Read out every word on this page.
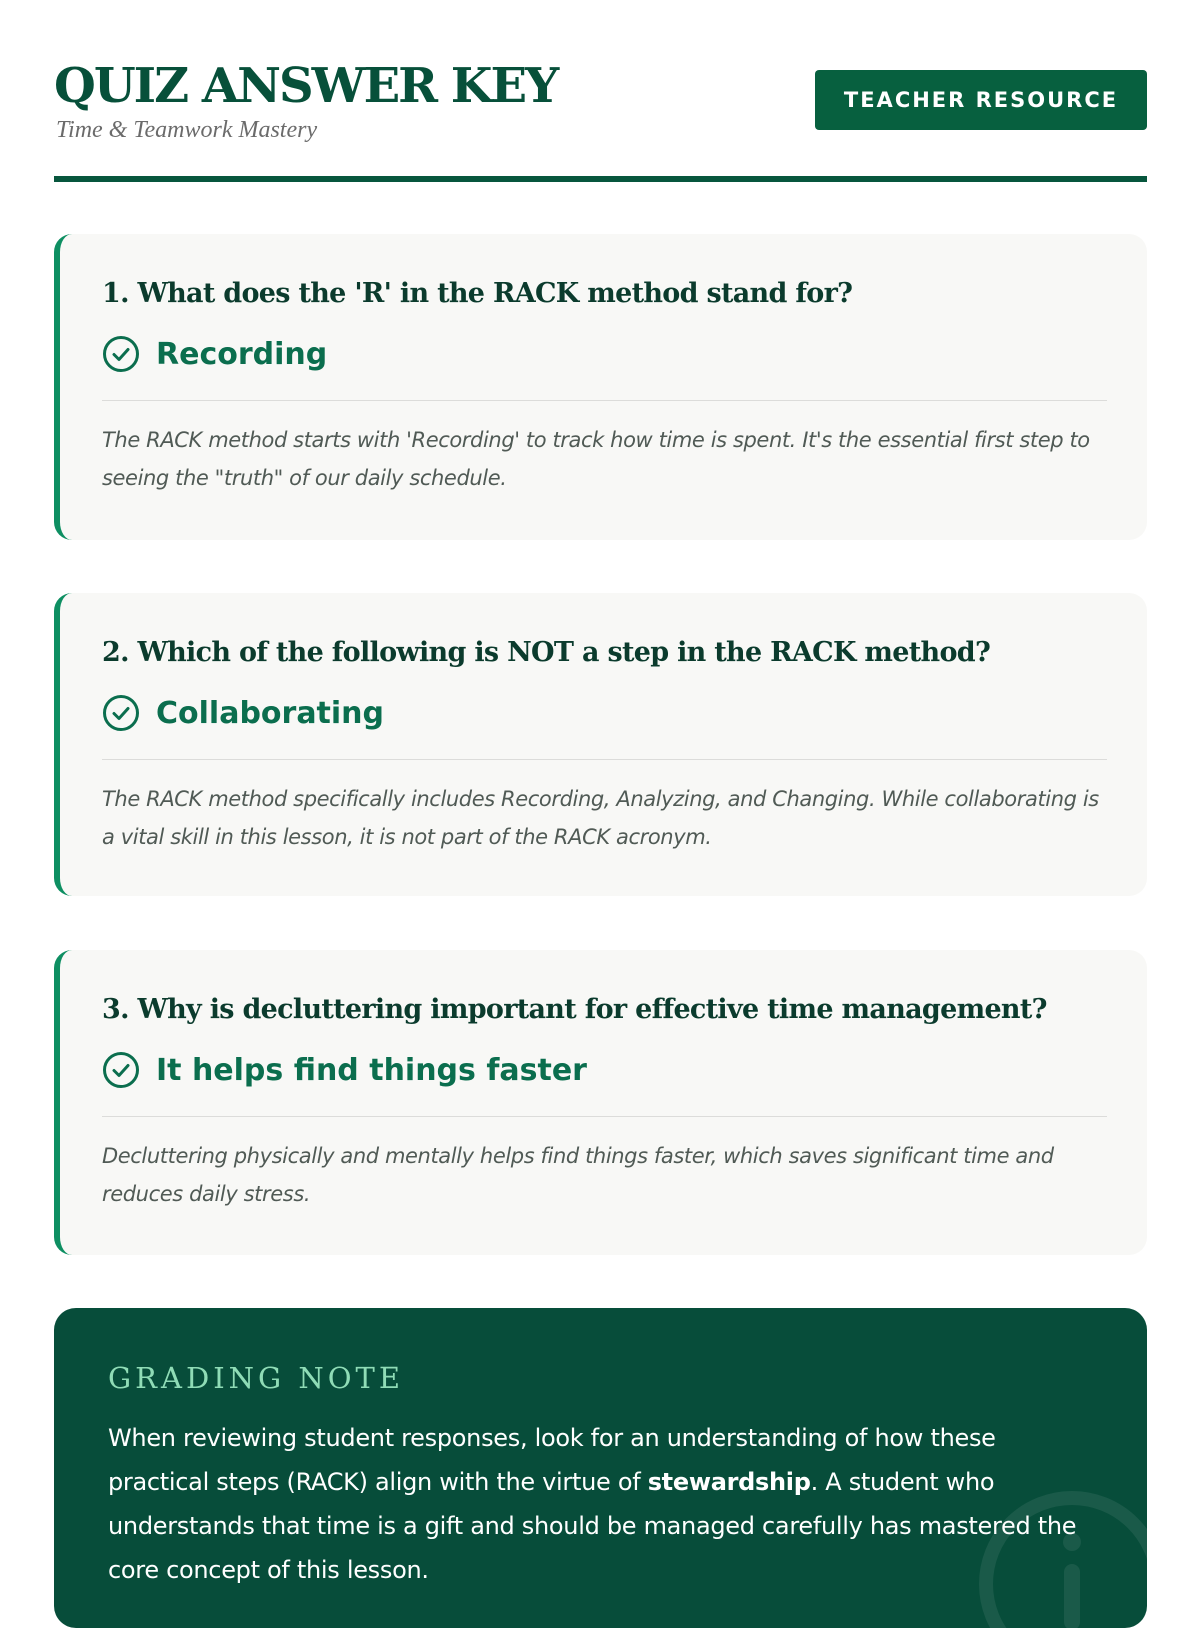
QUIZ ANSWER KEY
Time & Teamwork Mastery
TEACHER RESOURCE
1. What does the 'R' in the RACK method stand for?
Recording
The RACK method starts with 'Recording' to track how time is spent. It's the essential first step to seeing the "truth" of our daily schedule.
2. Which of the following is NOT a step in the RACK method?
Collaborating
The RACK method specifically includes Recording, Analyzing, and Changing. While collaborating is a vital skill in this lesson, it is not part of the RACK acronym.
3. Why is decluttering important for effective time management?
It helps find things faster
Decluttering physically and mentally helps find things faster, which saves significant time and reduces daily stress.
GRADING NOTE
When reviewing student responses, look for an understanding of how these practical steps (RACK) align with the virtue of stewardship. A student who understands that time is a gift and should be managed carefully has mastered the core concept of this lesson.
